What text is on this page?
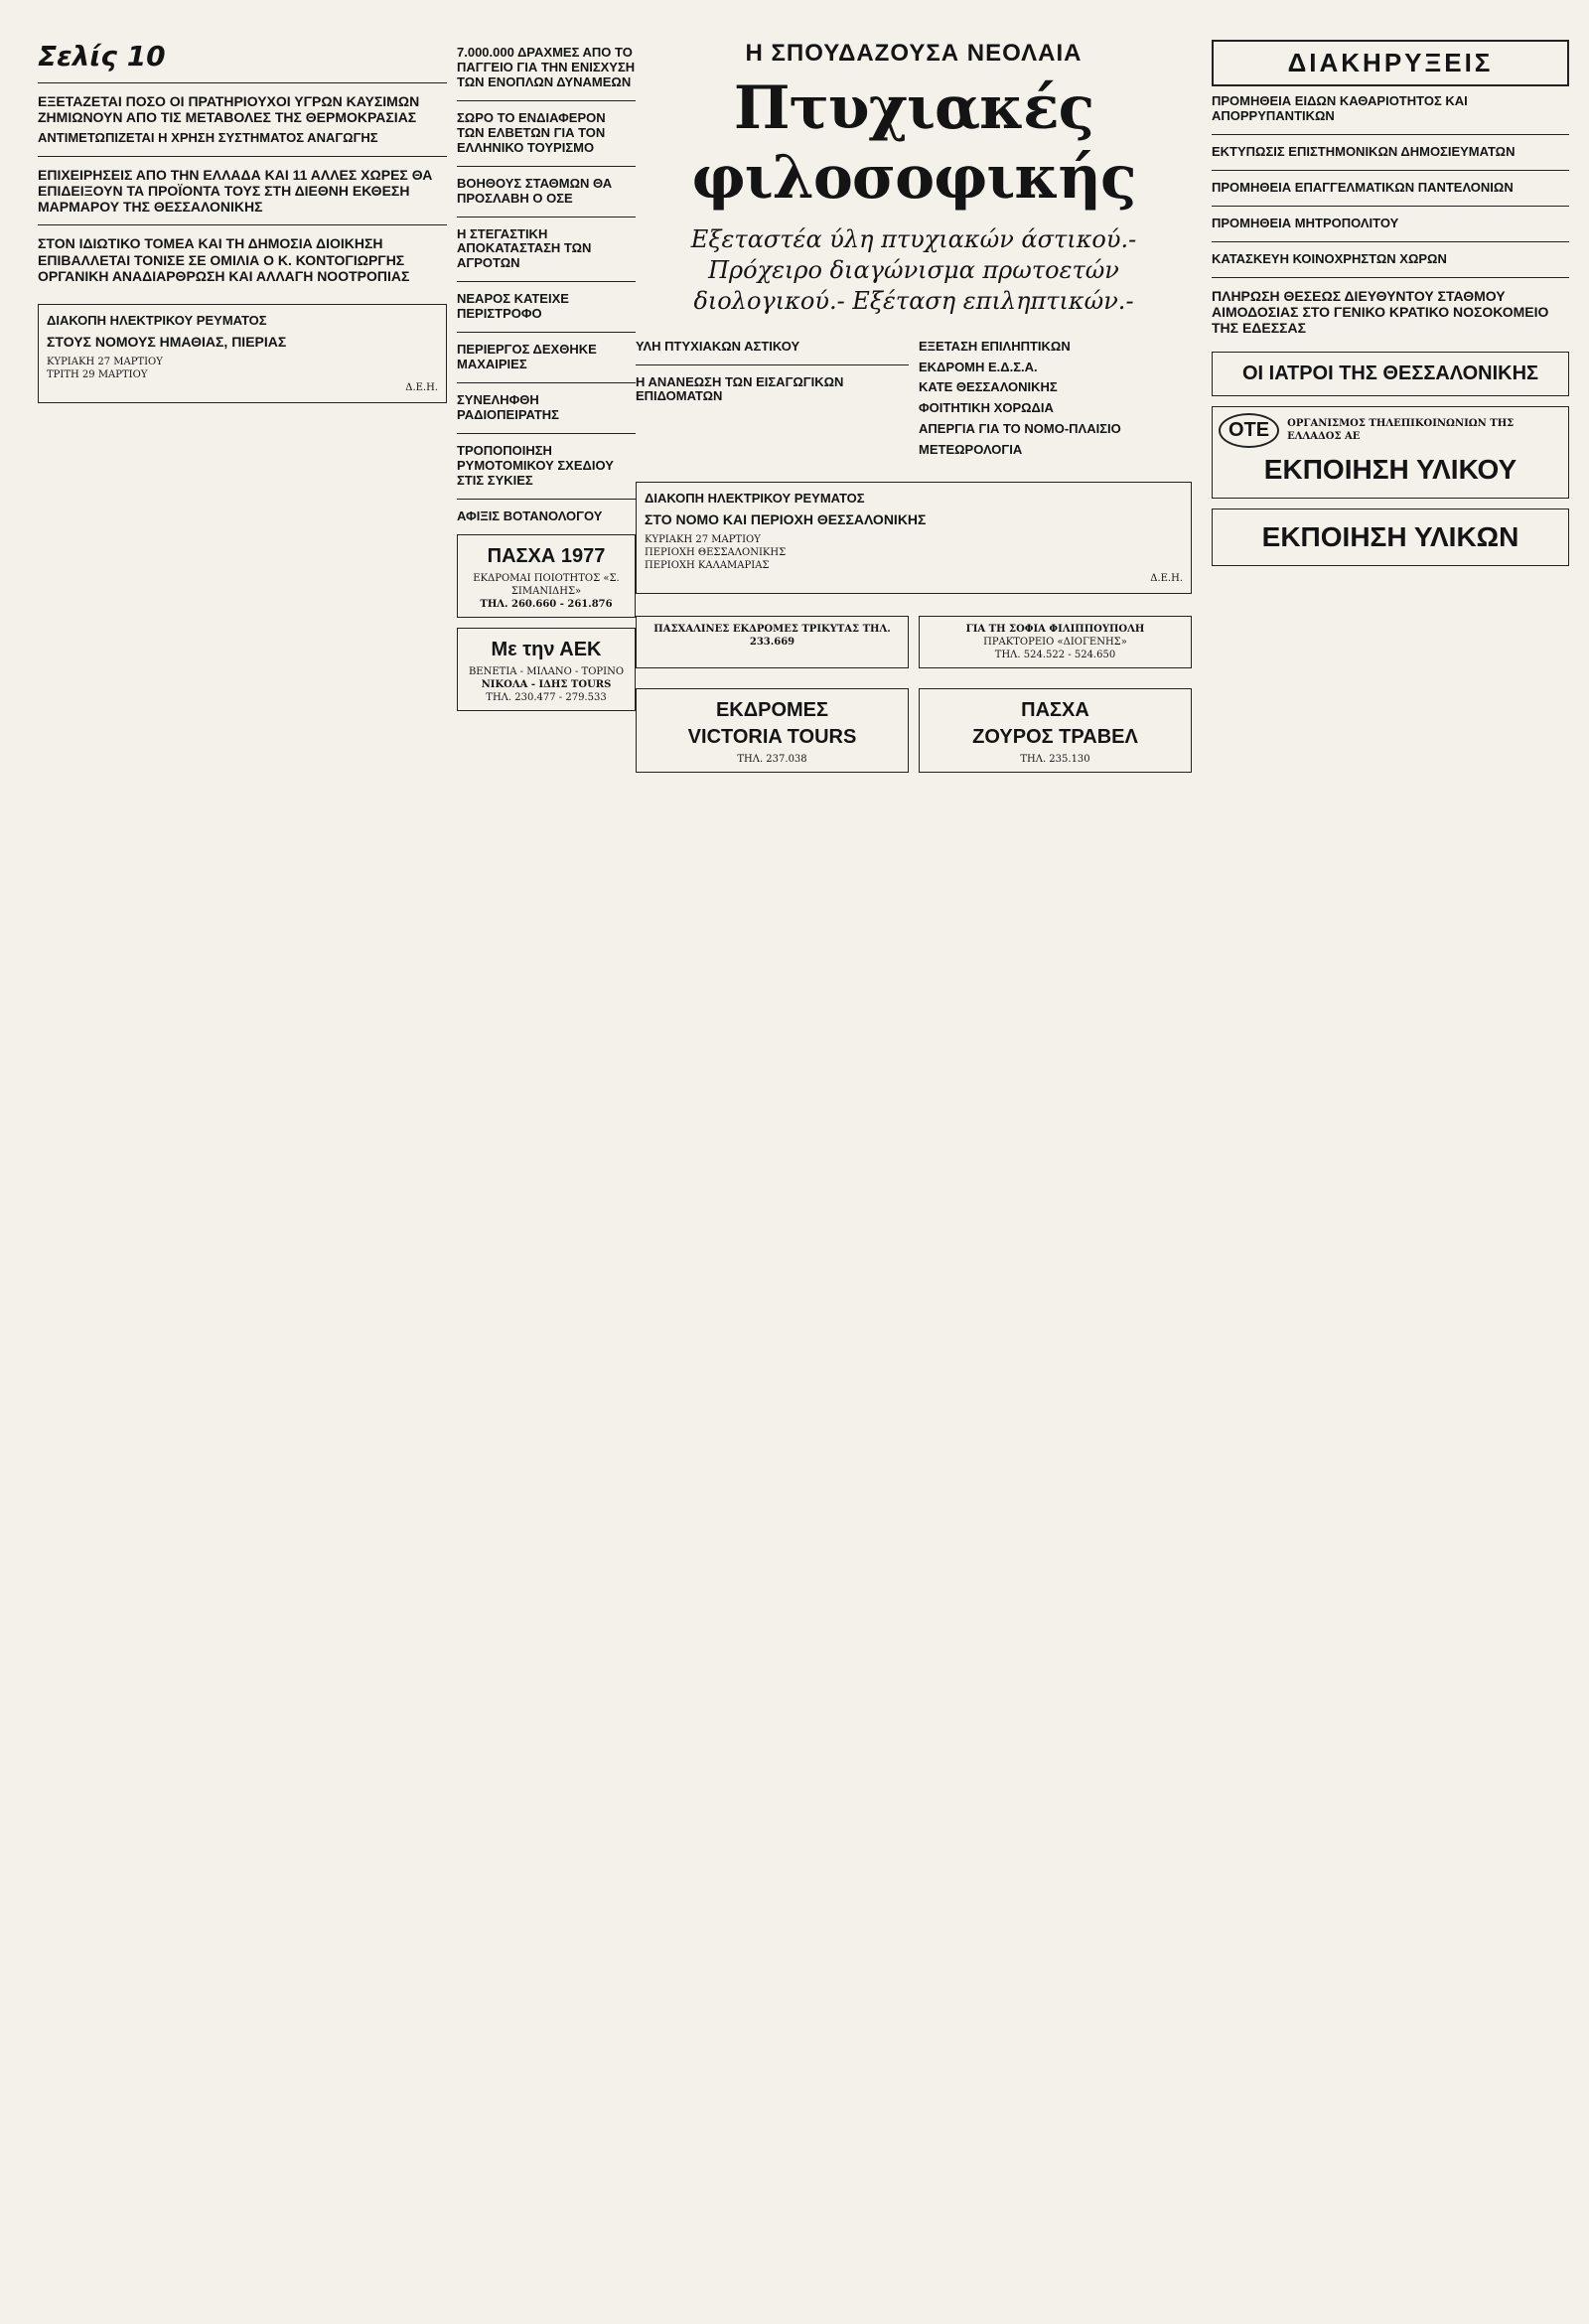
Σελίς 10
ΕΞΕΤΑΖΕΤΑΙ ΠΟΣΟ ΟΙ ΠΡΑΤΗΡΙΟΥΧΟΙ ΥΓΡΩΝ ΚΑΥΣΙΜΩΝ ΖΗΜΙΩΝΟΥΝ ΑΠΟ ΤΙΣ ΜΕΤΑΒΟΛΕΣ ΤΗΣ ΘΕΡΜΟΚΡΑΣΙΑΣ
ΑΝΤΙΜΕΤΩΠΙΖΕΤΑΙ Η ΧΡΗΣΗ ΣΥΣΤΗΜΑΤΟΣ ΑΝΑΓΩΓΗΣ
ΕΠΙΧΕΙΡΗΣΕΙΣ ΑΠΟ ΤΗΝ ΕΛΛΑΔΑ ΚΑΙ 11 ΑΛΛΕΣ ΧΩΡΕΣ ΘΑ ΕΠΙΔΕΙΞΟΥΝ ΤΑ ΠΡΟΪΟΝΤΑ ΤΟΥΣ ΣΤΗ ΔΙΕΘΝΗ ΕΚΘΕΣΗ ΜΑΡΜΑΡΟΥ ΤΗΣ ΘΕΣΣΑΛΟΝΙΚΗΣ
ΣΤΟΝ ΙΔΙΩΤΙΚΟ ΤΟΜΕΑ ΚΑΙ ΤΗ ΔΗΜΟΣΙΑ ΔΙΟΙΚΗΣΗ ΕΠΙΒΑΛΛΕΤΑΙ ΤΟΝΙΣΕ ΣΕ ΟΜΙΛΙΑ Ο Κ. ΚΟΝΤΟΓΙΩΡΓΗΣ ΟΡΓΑΝΙΚΗ ΑΝΑΔΙΑΡΘΡΩΣΗ ΚΑΙ ΑΛΛΑΓΗ ΝΟΟΤΡΟΠΙΑΣ
ΔΙΑΚΟΠΗ ΗΛΕΚΤΡΙΚΟΥ ΡΕΥΜΑΤΟΣ
ΣΤΟΥΣ ΝΟΜΟΥΣ ΗΜΑΘΙΑΣ, ΠΙΕΡΙΑΣ
ΚΥΡΙΑΚΗ 27 ΜΑΡΤΙΟΥ
ΤΡΙΤΗ 29 ΜΑΡΤΙΟΥ
Δ.Ε.Η.
7.000.000 ΔΡΑΧΜΕΣ ΑΠΟ ΤΟ ΠΑΓΓΕΙΟ ΓΙΑ ΤΗΝ ΕΝΙΣΧΥΣΗ ΤΩΝ ΕΝΟΠΛΩΝ ΔΥΝΑΜΕΩΝ
ΣΩΡΟ ΤΟ ΕΝΔΙΑΦΕΡΟΝ ΤΩΝ ΕΛΒΕΤΩΝ ΓΙΑ ΤΟΝ ΕΛΛΗΝΙΚΟ ΤΟΥΡΙΣΜΟ
ΒΟΗΘΟΥΣ ΣΤΑΘΜΩΝ ΘΑ ΠΡΟΣΛΑΒΗ Ο ΟΣΕ
Η ΣΤΕΓΑΣΤΙΚΗ ΑΠΟΚΑΤΑΣΤΑΣΗ ΤΩΝ ΑΓΡΟΤΩΝ
ΝΕΑΡΟΣ ΚΑΤΕΙΧΕ ΠΕΡΙΣΤΡΟΦΟ
ΠΕΡΙΕΡΓΟΣ ΔΕΧΘΗΚΕ ΜΑΧΑΙΡΙΕΣ
ΣΥΝΕΛΗΦΘΗ ΡΑΔΙΟΠΕΙΡΑΤΗΣ
ΤΡΟΠΟΠΟΙΗΣΗ ΡΥΜΟΤΟΜΙΚΟΥ ΣΧΕΔΙΟΥ ΣΤΙΣ ΣΥΚΙΕΣ
ΑΦΙΞΙΣ ΒΟΤΑΝΟΛΟΓΟΥ
ΠΑΣΧΑ 1977
ΕΚΔΡΟΜΑΙ ΠΟΙΟΤΗΤΟΣ «Σ. ΣΙΜΑΝΙΔΗΣ»
ΤΗΛ. 260.660 - 261.876
Με την ΑΕΚ
ΒΕΝΕΤΙΑ - ΜΙΛΑΝΟ - ΤΟΡΙΝΟ
ΝΙΚΟΛΑ - ΙΔΗΣ TOURS
ΤΗΛ. 230.477 - 279.533
Η ΣΠΟΥΔΑΖΟΥΣΑ ΝΕΟΛΑΙΑ
Πτυχιακές φιλοσοφικής
Εξεταστέα ύλη πτυχιακών άστικού.- Πρόχειρο διαγώνισμα πρωτοετών διολογικού.- Εξέταση επιληπτικών.-
ΥΛΗ ΠΤΥΧΙΑΚΩΝ ΑΣΤΙΚΟΥ
Η ΑΝΑΝΕΩΣΗ ΤΩΝ ΕΙΣΑΓΩΓΙΚΩΝ ΕΠΙΔΟΜΑΤΩΝ
ΕΞΕΤΑΣΗ ΕΠΙΛΗΠΤΙΚΩΝ
ΕΚΔΡΟΜΗ Ε.Δ.Σ.Α.
ΚΑΤΕ ΘΕΣΣΑΛΟΝΙΚΗΣ
ΦΟΙΤΗΤΙΚΗ ΧΟΡΩΔΙΑ
ΑΠΕΡΓΙΑ ΓΙΑ ΤΟ ΝΟΜΟ-ΠΛΑΙΣΙΟ
ΜΕΤΕΩΡΟΛΟΓΙΑ
ΔΙΑΚΟΠΗ ΗΛΕΚΤΡΙΚΟΥ ΡΕΥΜΑΤΟΣ
ΣΤΟ ΝΟΜΟ ΚΑΙ ΠΕΡΙΟΧΗ ΘΕΣΣΑΛΟΝΙΚΗΣ
ΚΥΡΙΑΚΗ 27 ΜΑΡΤΙΟΥ
ΠΕΡΙΟΧΗ ΘΕΣΣΑΛΟΝΙΚΗΣ
ΠΕΡΙΟΧΗ ΚΑΛΑΜΑΡΙΑΣ
Δ.Ε.Η.
ΠΑΣΧΑΛΙΝΕΣ ΕΚΔΡΟΜΕΣ ΤΡΙΚΥΤΑΣ ΤΗΛ. 233.669
ΓΙΑ ΤΗ ΣΟΦΙΑ ΦΙΛΙΠΠΟΥΠΟΛΗ
ΠΡΑΚΤΟΡΕΙΟ «ΔΙΟΓΕΝΗΣ»
ΤΗΛ. 524.522 - 524.650
ΕΚΔΡΟΜΕΣ
VICTORIA TOURS
ΤΗΛ. 237.038
ΠΑΣΧΑ
ΖΟΥΡΟΣ ΤΡΑΒΕΛ
ΤΗΛ. 235.130
ΔΙΑΚΗΡΥΞΕΙΣ
ΠΡΟΜΗΘΕΙΑ ΕΙΔΩΝ ΚΑΘΑΡΙΟΤΗΤΟΣ ΚΑΙ ΑΠΟΡΡΥΠΑΝΤΙΚΩΝ
ΕΚΤΥΠΩΣΙΣ ΕΠΙΣΤΗΜΟΝΙΚΩΝ ΔΗΜΟΣΙΕΥΜΑΤΩΝ
ΠΡΟΜΗΘΕΙΑ ΕΠΑΓΓΕΛΜΑΤΙΚΩΝ ΠΑΝΤΕΛΟΝΙΩΝ
ΠΡΟΜΗΘΕΙΑ ΜΗΤΡΟΠΟΛΙΤΟΥ
ΚΑΤΑΣΚΕΥΗ ΚΟΙΝΟΧΡΗΣΤΩΝ ΧΩΡΩΝ
ΠΛΗΡΩΣΗ ΘΕΣΕΩΣ ΔΙΕΥΘΥΝΤΟΥ ΣΤΑΘΜΟΥ ΑΙΜΟΔΟΣΙΑΣ ΣΤΟ ΓΕΝΙΚΟ ΚΡΑΤΙΚΟ ΝΟΣΟΚΟΜΕΙΟ ΤΗΣ ΕΔΕΣΣΑΣ
ΟΙ ΙΑΤΡΟΙ ΤΗΣ ΘΕΣΣΑΛΟΝΙΚΗΣ
ΟΤΕ	ΟΡΓΑΝΙΣΜΟΣ ΤΗΛΕΠΙΚΟΙΝΩΝΙΩΝ ΤΗΣ ΕΛΛΑΔΟΣ ΑΕ
ΕΚΠΟΙΗΣΗ ΥΛΙΚΟΥ
ΕΚΠΟΙΗΣΗ ΥΛΙΚΩΝ
